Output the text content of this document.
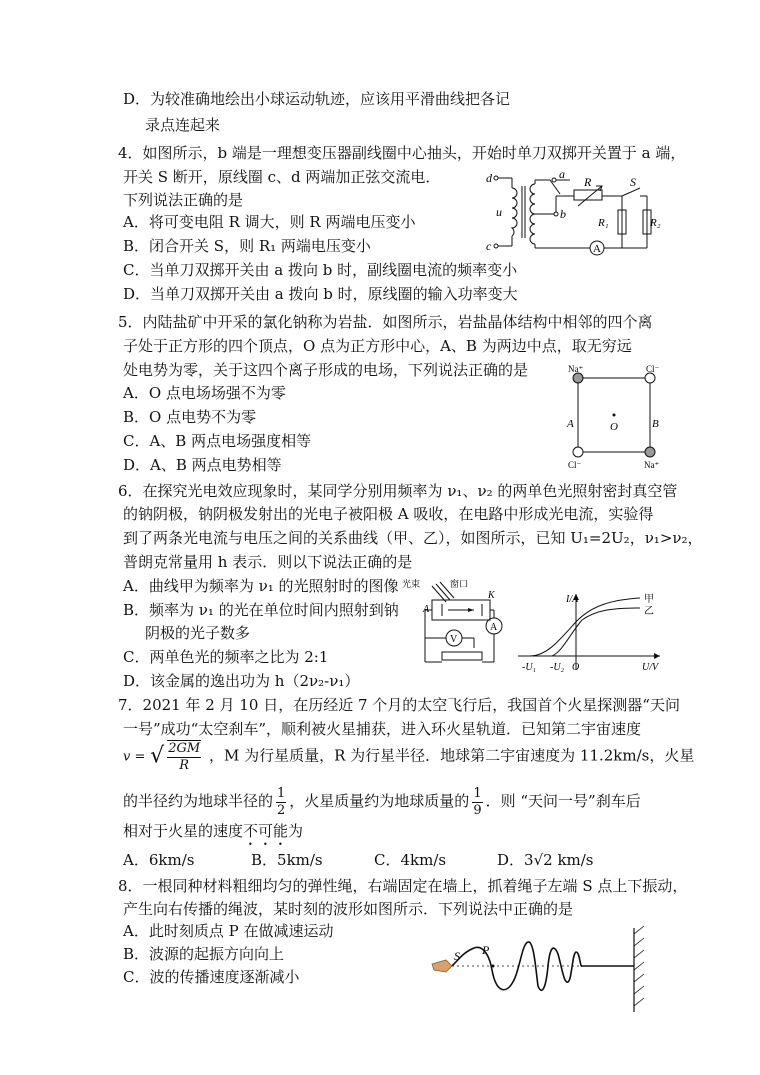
D．为较准确地绘出小球运动轨迹，应该用平滑曲线把各记
录点连起来
4．如图所示，b 端是一理想变压器副线圈中心抽头，开始时单刀双掷开关置于 a 端，
开关 S 断开，原线圈 c、d 两端加正弦交流电．
下列说法正确的是
A．将可变电阻 R 调大，则 R 两端电压变小
B．闭合开关 S，则 R₁ 两端电压变小
C．当单刀双掷开关由 a 拨向 b 时，副线圈电流的频率变小
D．当单刀双掷开关由 a 拨向 b 时，原线圈的输入功率变大
d
c
u
a
b
R	S
R₁	R₂
A
5．内陆盐矿中开采的氯化钠称为岩盐．如图所示，岩盐晶体结构中相邻的四个离
子处于正方形的四个顶点，O 点为正方形中心，A、B 为两边中点，取无穷远
处电势为零，关于这四个离子形成的电场，下列说法正确的是
A．O 点电场场强不为零
B．O 点电势不为零
C．A、B 两点电场强度相等
D．A、B 两点电势相等
Na⁺	Cl⁻
Cl⁻	Na⁺
A	B
O
6．在探究光电效应现象时，某同学分别用频率为 ν₁、ν₂ 的两单色光照射密封真空管
的钠阴极，钠阴极发射出的光电子被阳极 A 吸收，在电路中形成光电流，实验得
到了两条光电流与电压之间的关系曲线（甲、乙），如图所示，已知 U₁=2U₂，ν₁>ν₂，
普朗克常量用 h 表示．则以下说法正确的是
A．曲线甲为频率为 ν₁ 的光照射时的图像
B．频率为 ν₁ 的光在单位时间内照射到钠
阴极的光子数多
C．两单色光的频率之比为 2:1
D．该金属的逸出功为 h（2ν₂-ν₁）
光束	窗口
A
K
V
A
I/A	甲
乙
-U₁ -U₂ O	U/V
7．2021 年 2 月 10 日，在历经近 7 个月的太空飞行后，我国首个火星探测器“天问
一号”成功“太空刹车”，顺利被火星捕获，进入环火星轨道．已知第二宇宙速度
v = √ $\frac{2GM}{R}$ ，M 为行星质量，R 为行星半径．地球第二宇宙速度为 11.2km/s，火星
的半径约为地球半径的 $\frac{1}{2}$ ，火星质量约为地球质量的 $\frac{1}{9}$ ．则 “天问一号”刹车后
相对于火星的速度不可能为
A．6km/s	B．5km/s	C．4km/s	D．3√2 km/s
8．一根同种材料粗细均匀的弹性绳，右端固定在墙上，抓着绳子左端 S 点上下振动，
产生向右传播的绳波，某时刻的波形如图所示．下列说法中正确的是
A．此时刻质点 P 在做减速运动
B．波源的起振方向向上
C．波的传播速度逐渐减小
S P
